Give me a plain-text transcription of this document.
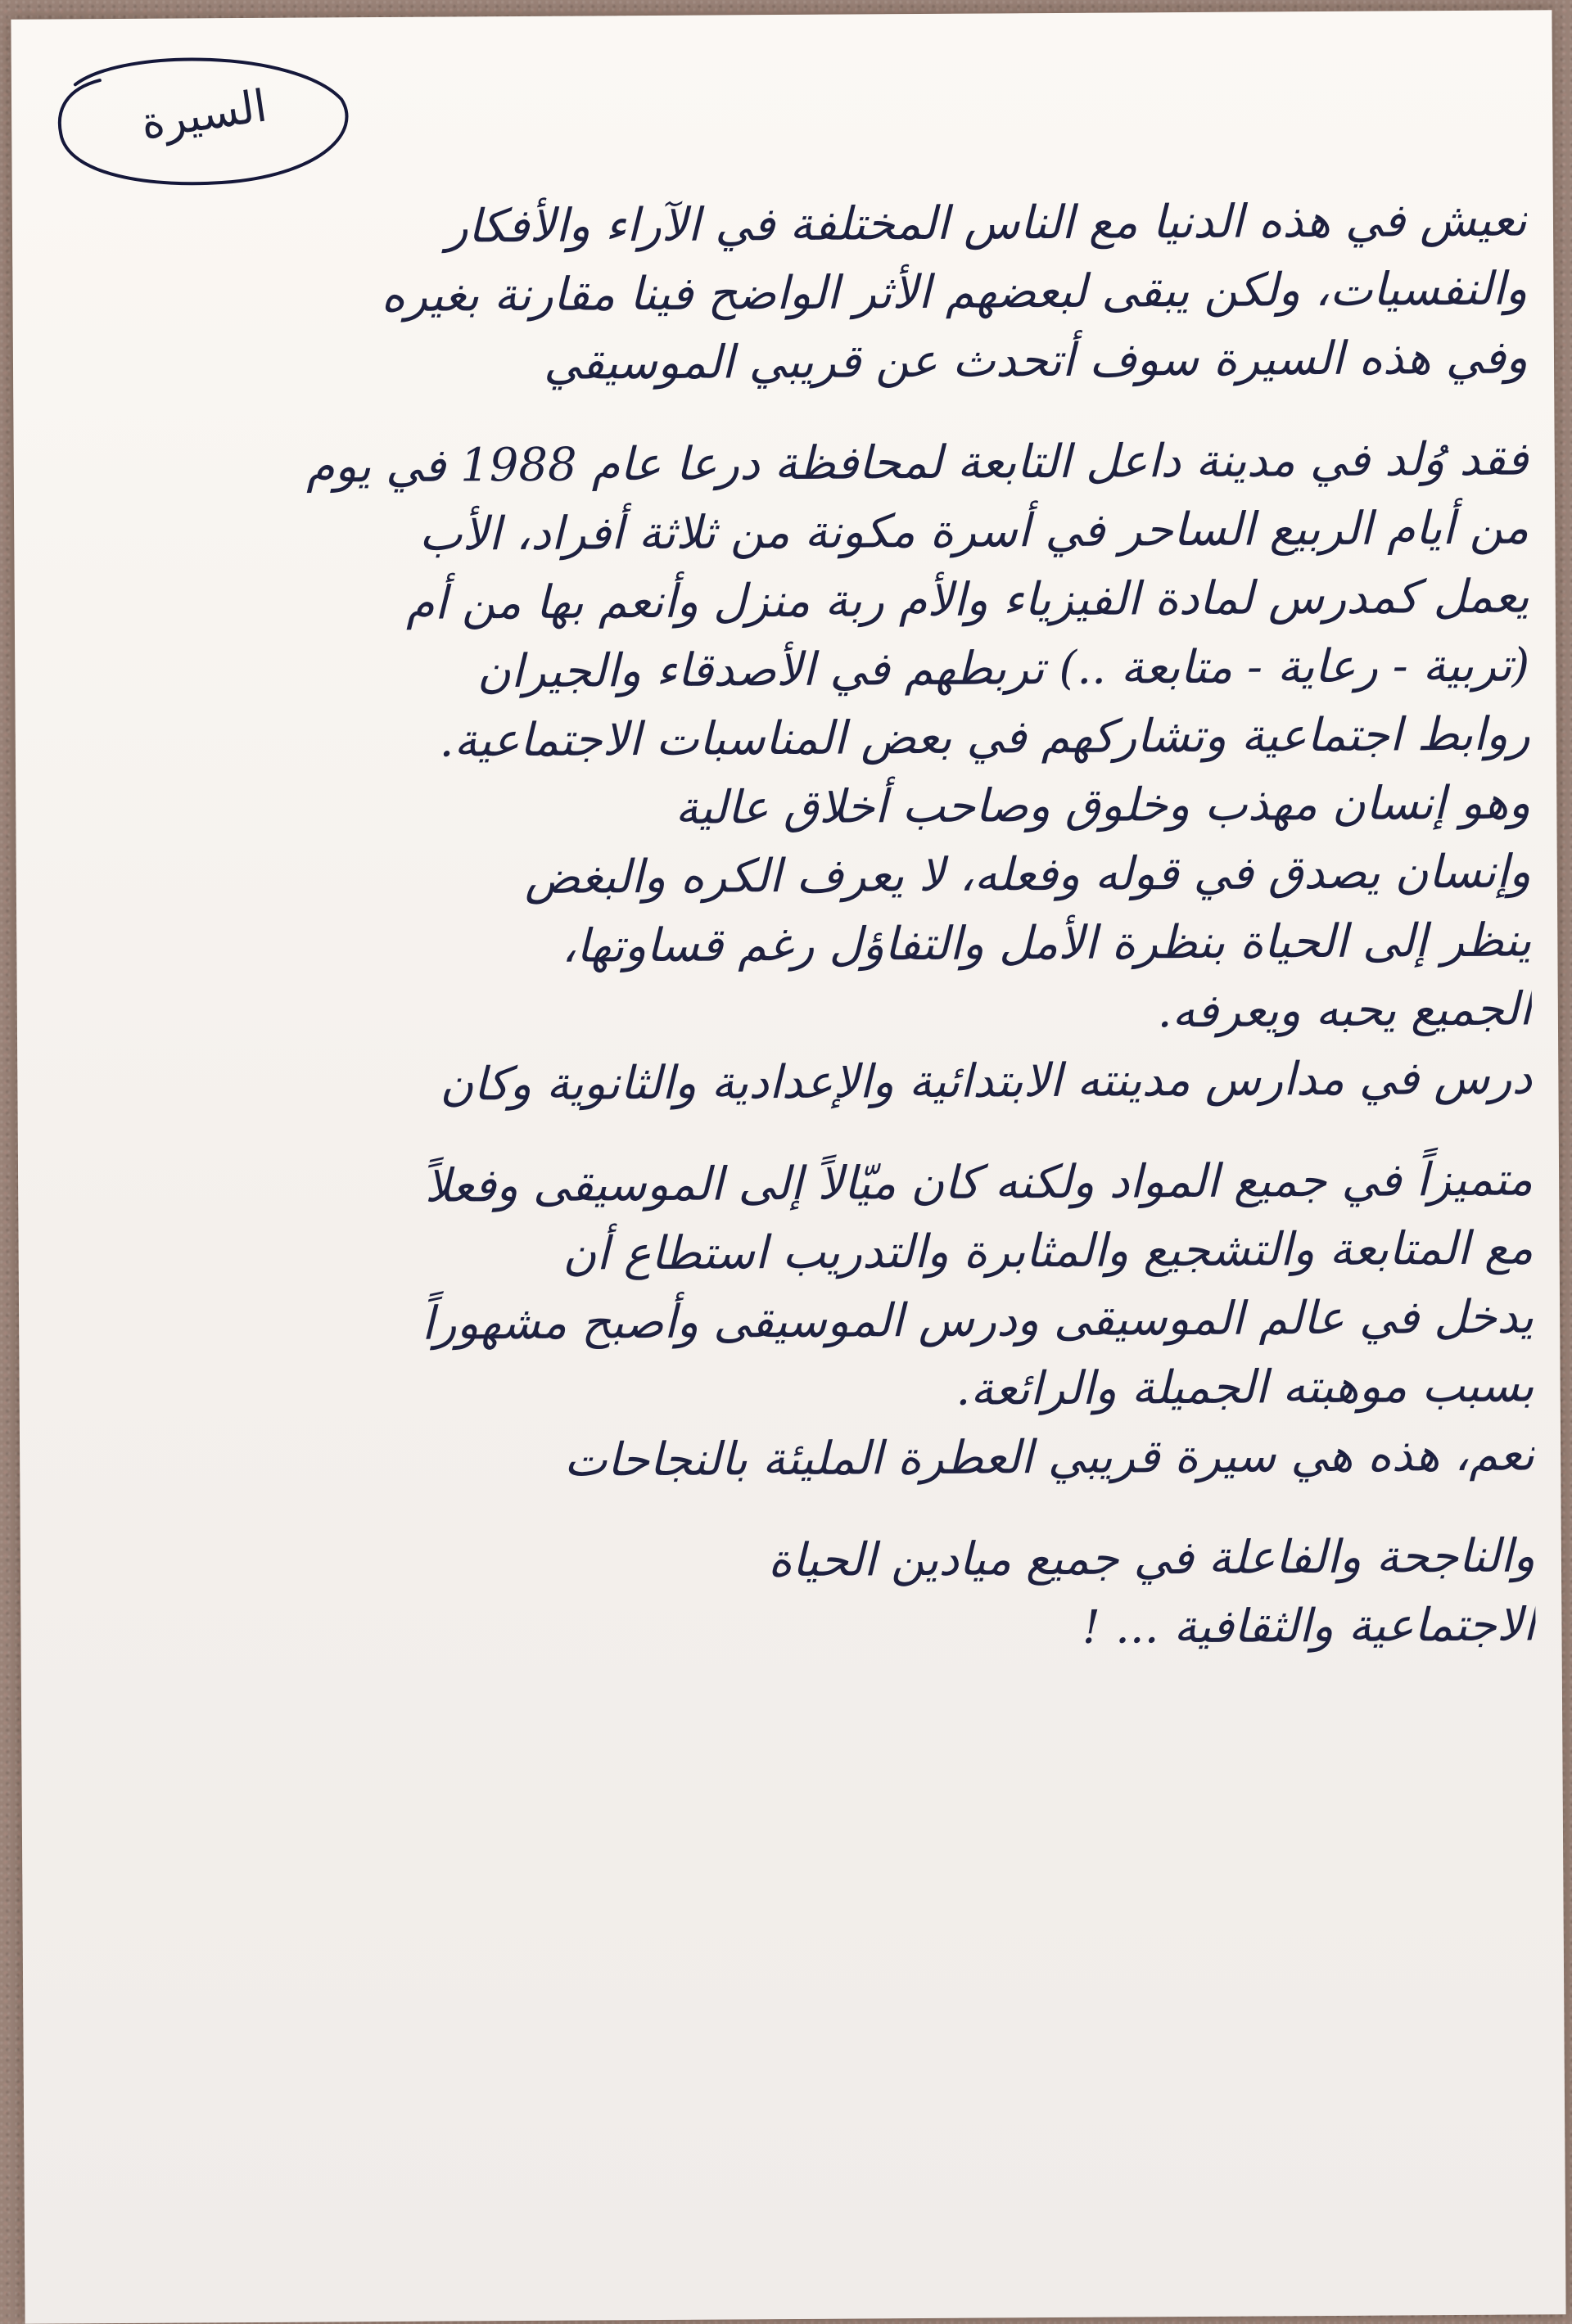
السيرة
نعيش في هذه الدنيا مع الناس المختلفة في الآراء والأفكار
والنفسيات، ولكن يبقى لبعضهم الأثر الواضح فينا مقارنة بغيره
وفي هذه السيرة سوف أتحدث عن قريبي الموسيقي
فقد وُلد في مدينة داعل التابعة لمحافظة درعا عام 1988 في يوم
من أيام الربيع الساحر في أسرة مكونة من ثلاثة أفراد، الأب
يعمل كمدرس لمادة الفيزياء والأم ربة منزل وأنعم بها من أم
(تربية - رعاية - متابعة ..) تربطهم في الأصدقاء والجيران
روابط اجتماعية وتشاركهم في بعض المناسبات الاجتماعية.
وهو إنسان مهذب وخلوق وصاحب أخلاق عالية
وإنسان يصدق في قوله وفعله، لا يعرف الكره والبغض
ينظر إلى الحياة بنظرة الأمل والتفاؤل رغم قساوتها،
الجميع يحبه ويعرفه.
درس في مدارس مدينته الابتدائية والإعدادية والثانوية وكان
متميزاً في جميع المواد ولكنه كان ميّالاً إلى الموسيقى وفعلاً
مع المتابعة والتشجيع والمثابرة والتدريب استطاع أن
يدخل في عالم الموسيقى ودرس الموسيقى وأصبح مشهوراً
بسبب موهبته الجميلة والرائعة.
نعم، هذه هي سيرة قريبي العطرة المليئة بالنجاحات
والناجحة والفاعلة في جميع ميادين الحياة
الاجتماعية والثقافية ... !
